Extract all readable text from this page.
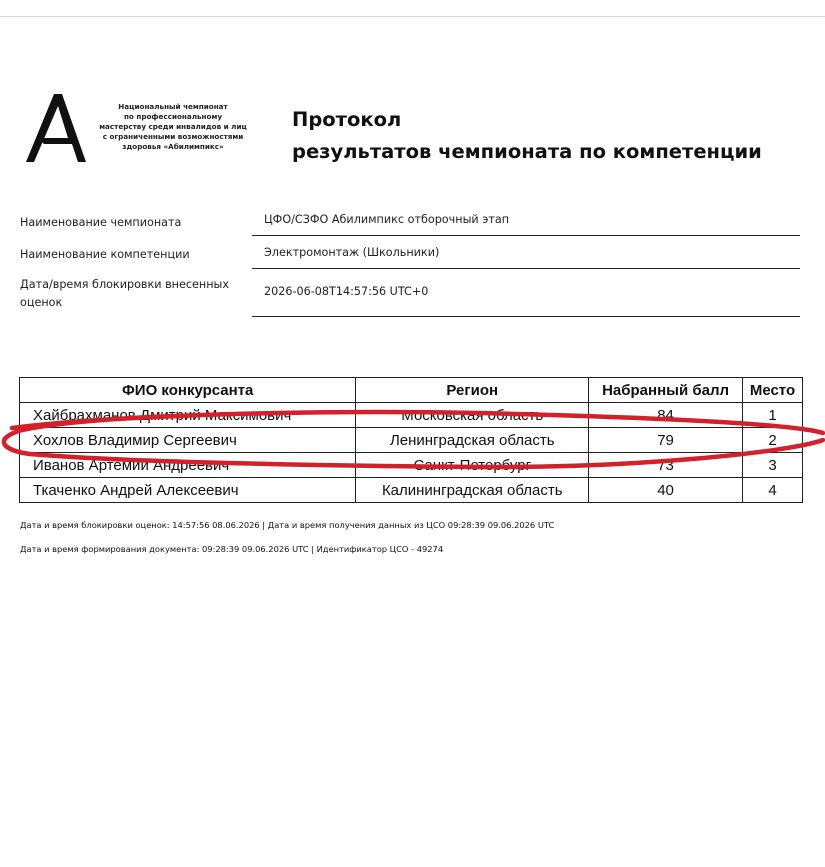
Национальный чемпионат
по профессиональному
мастерству среди инвалидов и лиц
с ограниченными возможностями
здоровья «Абилимпикс»
Протокол
результатов чемпионата по компетенции
Наименование чемпионата	ЦФО/СЗФО Абилимпикс отборочный этап
Наименование компетенции	Электромонтаж (Школьники)
Дата/время блокировки внесенных
оценок
2026-06-08T14:57:56 UTC+0
ФИО конкурсанта	Регион	Набранный балл	Место
Хайбрахманов Дмитрий Максимович	Московская область	84	1
Хохлов Владимир Сергеевич	Ленинградская область	79	2
Иванов Артемий Андреевич	Санкт-Петербург	73	3
Ткаченко Андрей Алексеевич	Калининградская область	40	4
Дата и время блокировки оценок: 14:57:56 08.06.2026 | Дата и время получения данных из ЦСО 09:28:39 09.06.2026 UTC
Дата и время формирования документа: 09:28:39 09.06.2026 UTC | Идентификатор ЦСО - 49274
